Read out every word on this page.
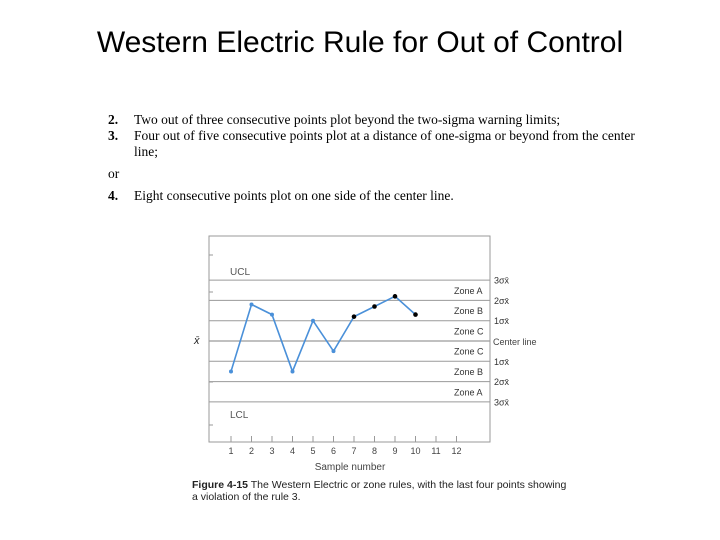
Western Electric Rule for Out of Control
2.	Two out of three consecutive points plot beyond the two-sigma warning limits;
3.	Four out of five consecutive points plot at a distance of one-sigma or beyond from the center line;
or
4.	Eight consecutive points plot on one side of the center line.
1 2 3 4 5 6 7 8 9 10 11 12
Zone A
Zone B
Zone C
Zone C
Zone B
Zone A
3σx̄
2σx̄
1σx̄
1σx̄
2σx̄
3σx̄
UCL
LCL
Center line
x̄
Sample number
Figure 4-15 The Western Electric or zone rules, with the last four points showing a violation of the rule 3.
